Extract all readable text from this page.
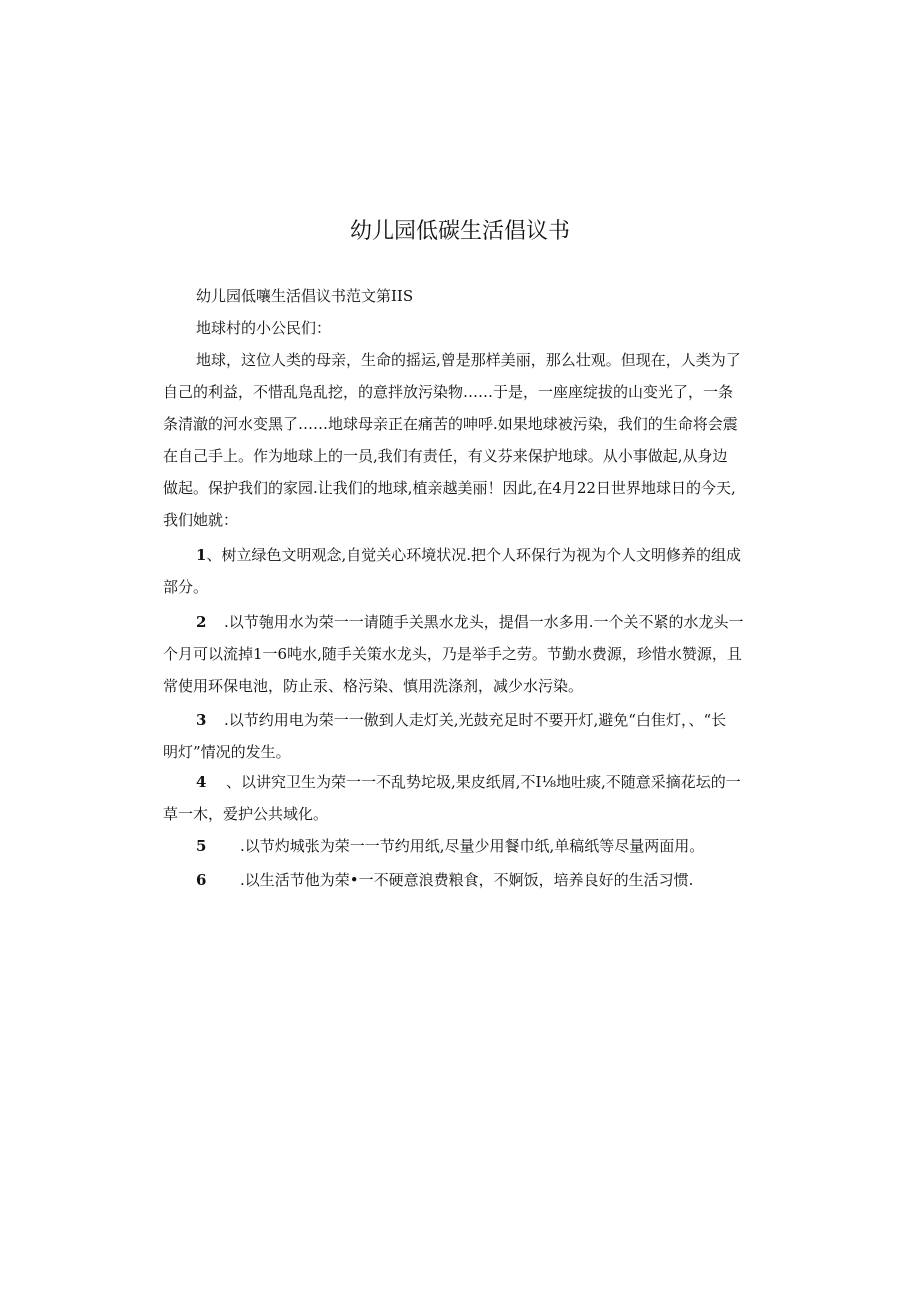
幼儿园低碳生活倡议书
幼儿园低嚷生活倡议书范文第IIS
地球村的小公民们：
地球，这位人类的母亲，生命的摇运,曾是那样美丽，那么壮观。但现在，人类为了
自己的利益，不惜乱凫乱挖，的意拌放污染物……于是，一座座绽拔的山变光了，一条
条清澈的河水变黑了……地球母亲正在痛苦的呻呼.如果地球被污染，我们的生命将会震
在自己手上。作为地球上的一员,我们有责任，有义芬来保护地球。从小事做起,从身边
做起。保护我们的家园.让我们的地球,植亲越美丽！因此,在4月22日世界地球日的今天,
我们她就：
1、树立绿色文明观念,自觉关心环境状况.把个人环保行为视为个人文明修养的组成
部分。
2 .以节匏用水为荣一一请随手关黑水龙头，提倡一水多用.一个关不紧的水龙头一
个月可以流掉1一6吨水,随手关策水龙头，乃是举手之劳。节勤水费源，珍惜水赞源，且
常使用环保电池，防止汞、格污染、慎用洗涤剂，减少水污染。
3 .以节约用电为荣一一傲到人走灯关,光鼓充足时不要开灯,避免“白隹灯，、“长
明灯”情况的发生。
4 、以讲究卫生为荣一一不乱势坨圾,果皮纸屑,不I⅛地吐痰,不随意采摘花坛的一
草一木，爱护公共域化。
5 .以节灼城张为荣一一节约用纸,尽量少用餐巾纸,单稿纸等尽量两面用。
6 .以生活节他为荣•一不硬意浪费粮食，不婀饭，培养良好的生活习惯.
